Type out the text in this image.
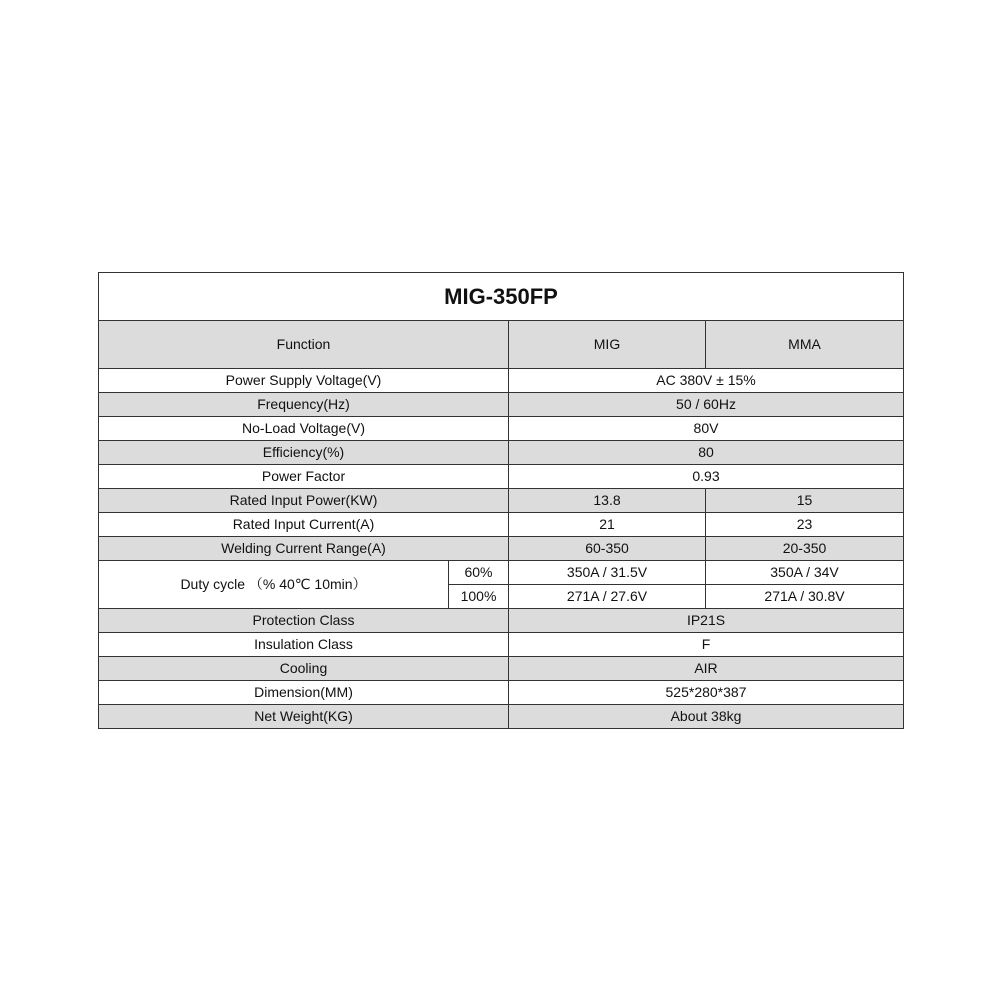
MIG-350FP			
Function		MIG	MMA
Power Supply Voltage(V)		AC 380V ± 15%	
Frequency(Hz)		50 / 60Hz	
No-Load Voltage(V)		80V	
Efficiency(%)		80	
Power Factor		0.93	
Rated Input Power(KW)		13.8	15
Rated Input Current(A)		21	23
Welding Current Range(A)		60-350	20-350
Duty cycle （% 40℃ 10min）	60%	350A / 31.5V	350A / 34V
	100%	271A / 27.6V	271A / 30.8V
Protection Class		IP21S	
Insulation Class		F	
Cooling		AIR	
Dimension(MM)		525*280*387	
Net Weight(KG)		About 38kg	
